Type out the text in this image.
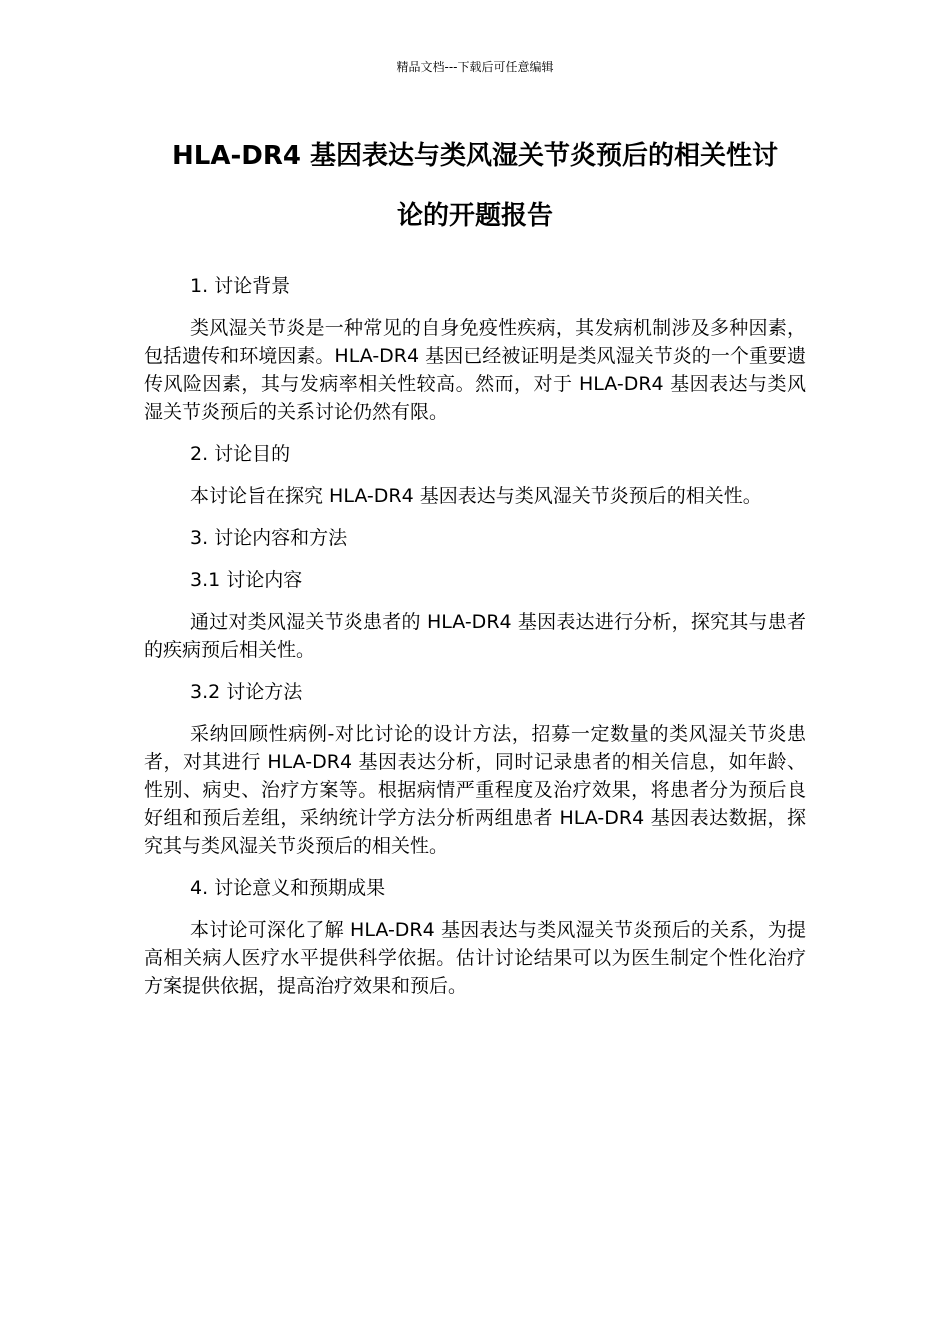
精品文档---下载后可任意编辑
HLA-DR4 基因表达与类风湿关节炎预后的相关性讨
论的开题报告

1. 讨论背景

类风湿关节炎是一种常见的自身免疫性疾病，其发病机制涉及多种因素，包括遗传和环境因素。HLA-DR4 基因已经被证明是类风湿关节炎的一个重要遗传风险因素，其与发病率相关性较高。然而，对于 HLA-DR4 基因表达与类风湿关节炎预后的关系讨论仍然有限。

2. 讨论目的

本讨论旨在探究 HLA-DR4 基因表达与类风湿关节炎预后的相关性。

3. 讨论内容和方法

3.1 讨论内容

通过对类风湿关节炎患者的 HLA-DR4 基因表达进行分析，探究其与患者的疾病预后相关性。

3.2 讨论方法

采纳回顾性病例-对比讨论的设计方法，招募一定数量的类风湿关节炎患者，对其进行 HLA-DR4 基因表达分析，同时记录患者的相关信息，如年龄、性别、病史、治疗方案等。根据病情严重程度及治疗效果，将患者分为预后良好组和预后差组，采纳统计学方法分析两组患者 HLA-DR4 基因表达数据，探究其与类风湿关节炎预后的相关性。

4. 讨论意义和预期成果

本讨论可深化了解 HLA-DR4 基因表达与类风湿关节炎预后的关系，为提高相关病人医疗水平提供科学依据。估计讨论结果可以为医生制定个性化治疗方案提供依据，提高治疗效果和预后。
